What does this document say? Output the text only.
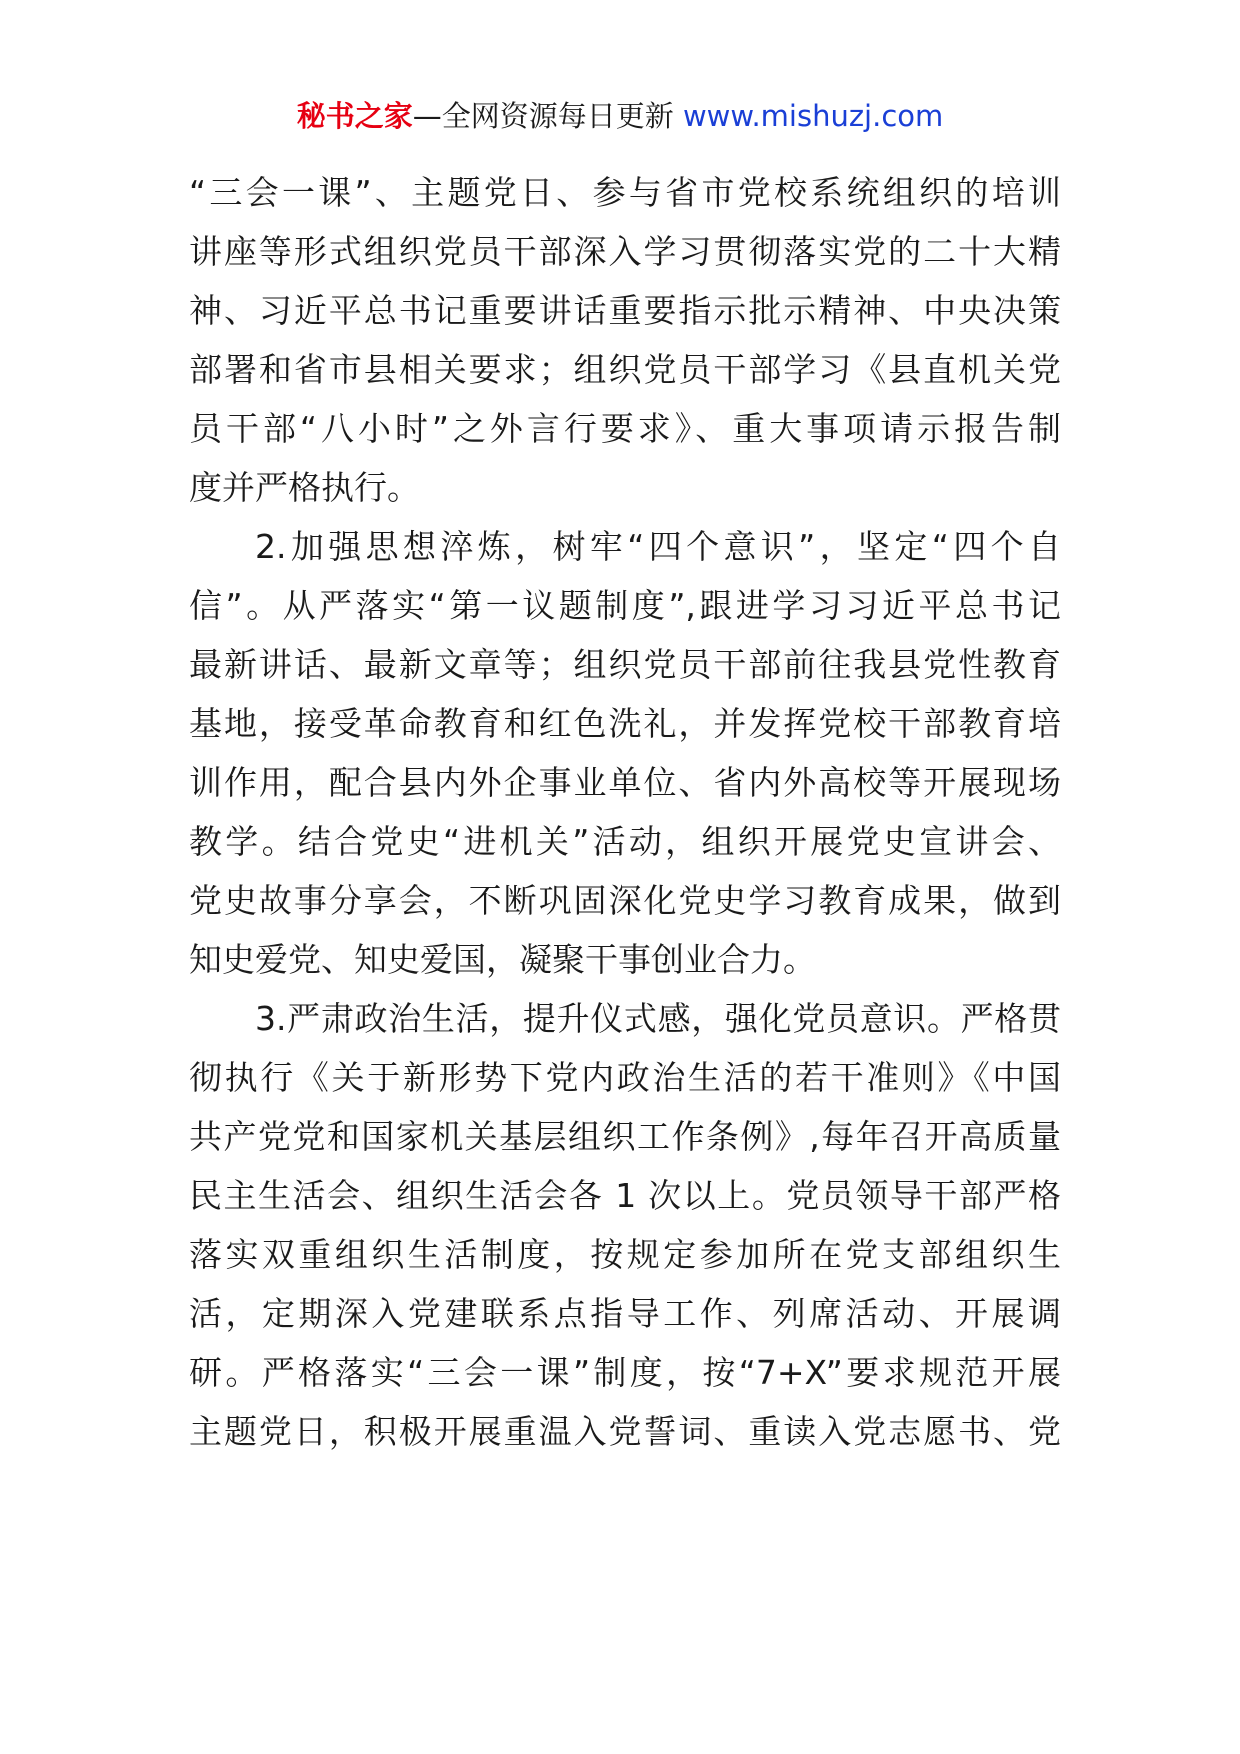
秘书之家—全网资源每日更新 www.mishuzj.com
“三会一课”、主题党日、参与省市党校系统组织的培训
讲座等形式组织党员干部深入学习贯彻落实党的二十大精
神、习近平总书记重要讲话重要指示批示精神、中央决策
部署和省市县相关要求；组织党员干部学习《县直机关党
员干部“八小时”之外言行要求》、重大事项请示报告制
度并严格执行。
2.加强思想淬炼，树牢“四个意识”，坚定“四个自
信”。从严落实“第一议题制度”,跟进学习习近平总书记
最新讲话、最新文章等；组织党员干部前往我县党性教育
基地，接受革命教育和红色洗礼，并发挥党校干部教育培
训作用，配合县内外企事业单位、省内外高校等开展现场
教学。结合党史“进机关”活动，组织开展党史宣讲会、
党史故事分享会，不断巩固深化党史学习教育成果，做到
知史爱党、知史爱国，凝聚干事创业合力。
3.严肃政治生活，提升仪式感，强化党员意识。严格贯
彻执行《关于新形势下党内政治生活的若干准则》《中国
共产党党和国家机关基层组织工作条例》,每年召开高质量
民主生活会、组织生活会各 1 次以上。党员领导干部严格
落实双重组织生活制度，按规定参加所在党支部组织生
活，定期深入党建联系点指导工作、列席活动、开展调
研。严格落实“三会一课”制度，按“7+X”要求规范开展
主题党日，积极开展重温入党誓词、重读入党志愿书、党
